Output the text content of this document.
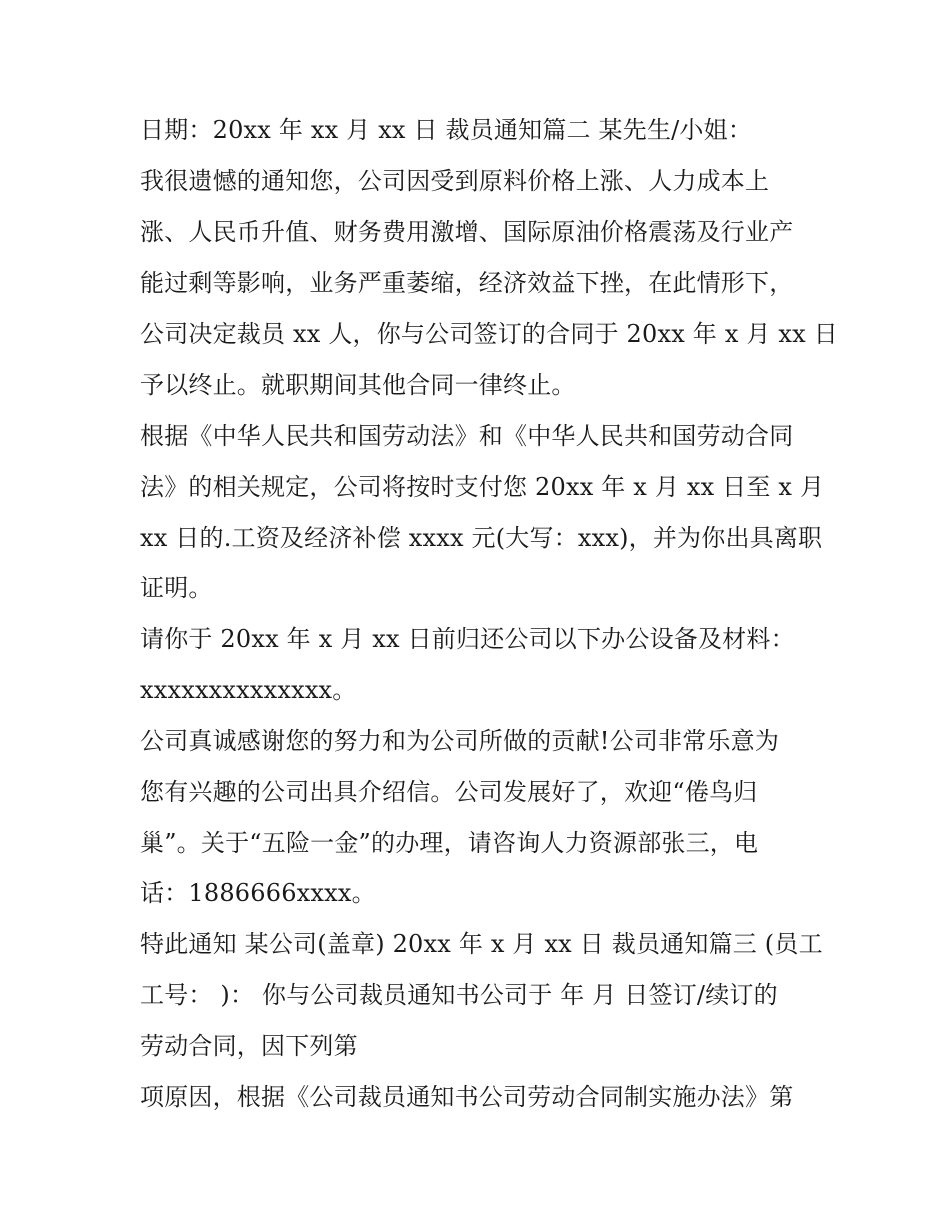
日期：20xx 年 xx 月 xx 日 裁员通知篇二 某先生/小姐：
我很遗憾的通知您，公司因受到原料价格上涨、人力成本上
涨、人民币升值、财务费用激增、国际原油价格震荡及行业产
能过剩等影响，业务严重萎缩，经济效益下挫，在此情形下，
公司决定裁员 xx 人，你与公司签订的合同于 20xx 年 x 月 xx 日
予以终止。就职期间其他合同一律终止。
根据《中华人民共和国劳动法》和《中华人民共和国劳动合同
法》的相关规定，公司将按时支付您 20xx 年 x 月 xx 日至 x 月
xx 日的.工资及经济补偿 xxxx 元(大写：xxx)，并为你出具离职
证明。
请你于 20xx 年 x 月 xx 日前归还公司以下办公设备及材料：
xxxxxxxxxxxxxx。
公司真诚感谢您的努力和为公司所做的贡献!公司非常乐意为
您有兴趣的公司出具介绍信。公司发展好了，欢迎“倦鸟归
巢”。关于“五险一金”的办理，请咨询人力资源部张三，电
话：1886666xxxx。
特此通知 某公司(盖章) 20xx 年 x 月 xx 日 裁员通知篇三 (员工
工号： )： 你与公司裁员通知书公司于 年 月 日签订/续订的
劳动合同，因下列第
项原因，根据《公司裁员通知书公司劳动合同制实施办法》第
